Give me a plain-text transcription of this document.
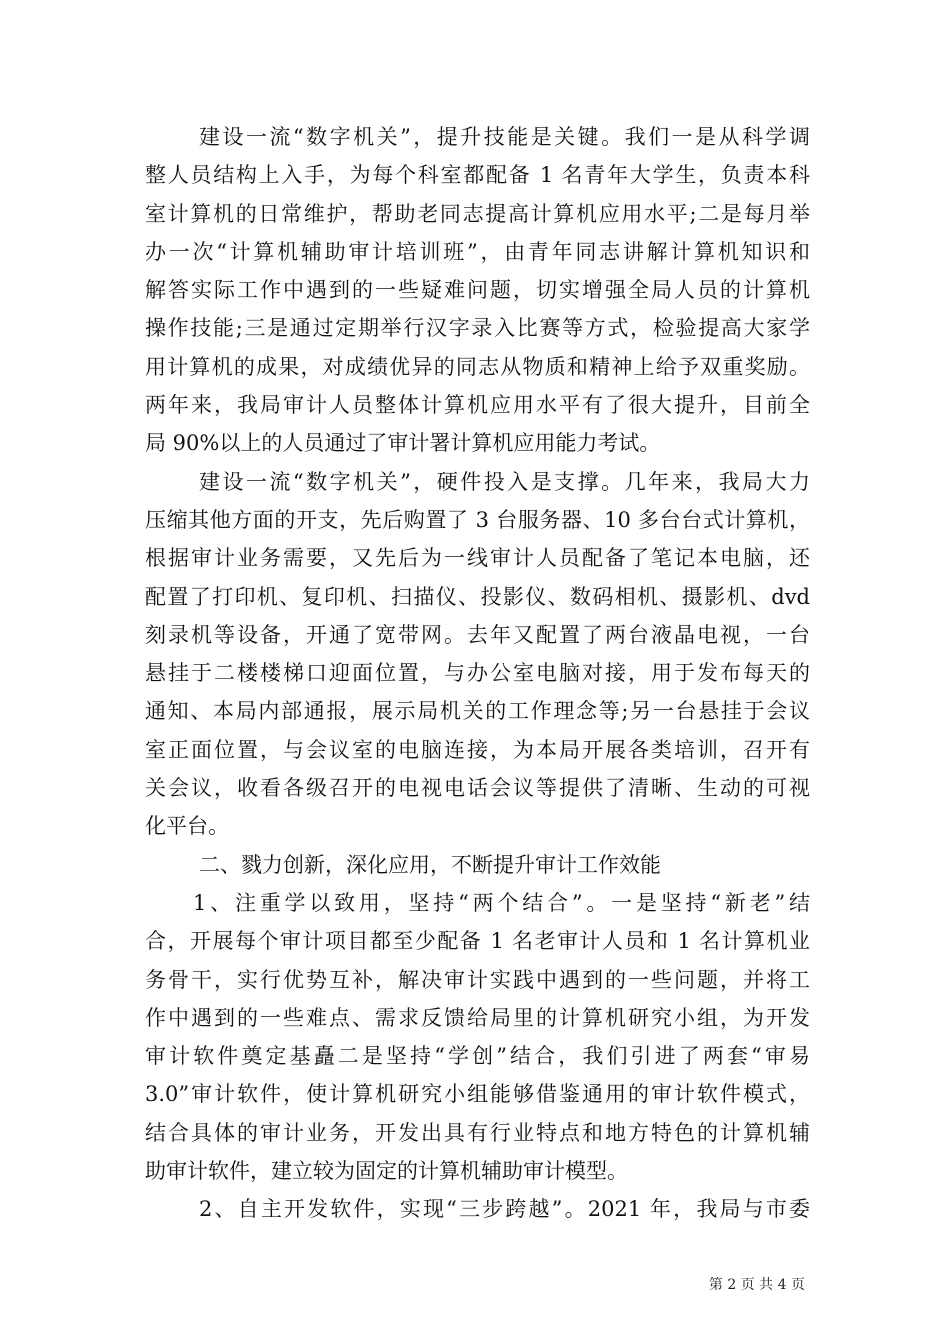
建设一流“数字机关”，提升技能是关键。我们一是从科学调
整人员结构上入手，为每个科室都配备 1 名青年大学生，负责本科
室计算机的日常维护，帮助老同志提高计算机应用水平;二是每月举
办一次“计算机辅助审计培训班”，由青年同志讲解计算机知识和
解答实际工作中遇到的一些疑难问题，切实增强全局人员的计算机
操作技能;三是通过定期举行汉字录入比赛等方式，检验提高大家学
用计算机的成果，对成绩优异的同志从物质和精神上给予双重奖励。
两年来，我局审计人员整体计算机应用水平有了很大提升，目前全
局 90%以上的人员通过了审计署计算机应用能力考试。
建设一流“数字机关”，硬件投入是支撑。几年来，我局大力
压缩其他方面的开支，先后购置了 3 台服务器、10 多台台式计算机，
根据审计业务需要，又先后为一线审计人员配备了笔记本电脑，还
配置了打印机、复印机、扫描仪、投影仪、数码相机、摄影机、dvd
刻录机等设备，开通了宽带网。去年又配置了两台液晶电视，一台
悬挂于二楼楼梯口迎面位置，与办公室电脑对接，用于发布每天的
通知、本局内部通报，展示局机关的工作理念等;另一台悬挂于会议
室正面位置，与会议室的电脑连接，为本局开展各类培训，召开有
关会议，收看各级召开的电视电话会议等提供了清晰、生动的可视
化平台。
二、戮力创新，深化应用，不断提升审计工作效能
1、注重学以致用，坚持“两个结合”。一是坚持“新老”结
合，开展每个审计项目都至少配备 1 名老审计人员和 1 名计算机业
务骨干，实行优势互补，解决审计实践中遇到的一些问题，并将工
作中遇到的一些难点、需求反馈给局里的计算机研究小组，为开发
审计软件奠定基矗二是坚持“学创”结合，我们引进了两套“审易
3.0”审计软件，使计算机研究小组能够借鉴通用的审计软件模式，
结合具体的审计业务，开发出具有行业特点和地方特色的计算机辅
助审计软件，建立较为固定的计算机辅助审计模型。
2、自主开发软件，实现“三步跨越”。2021 年，我局与市委
第 2 页 共 4 页
